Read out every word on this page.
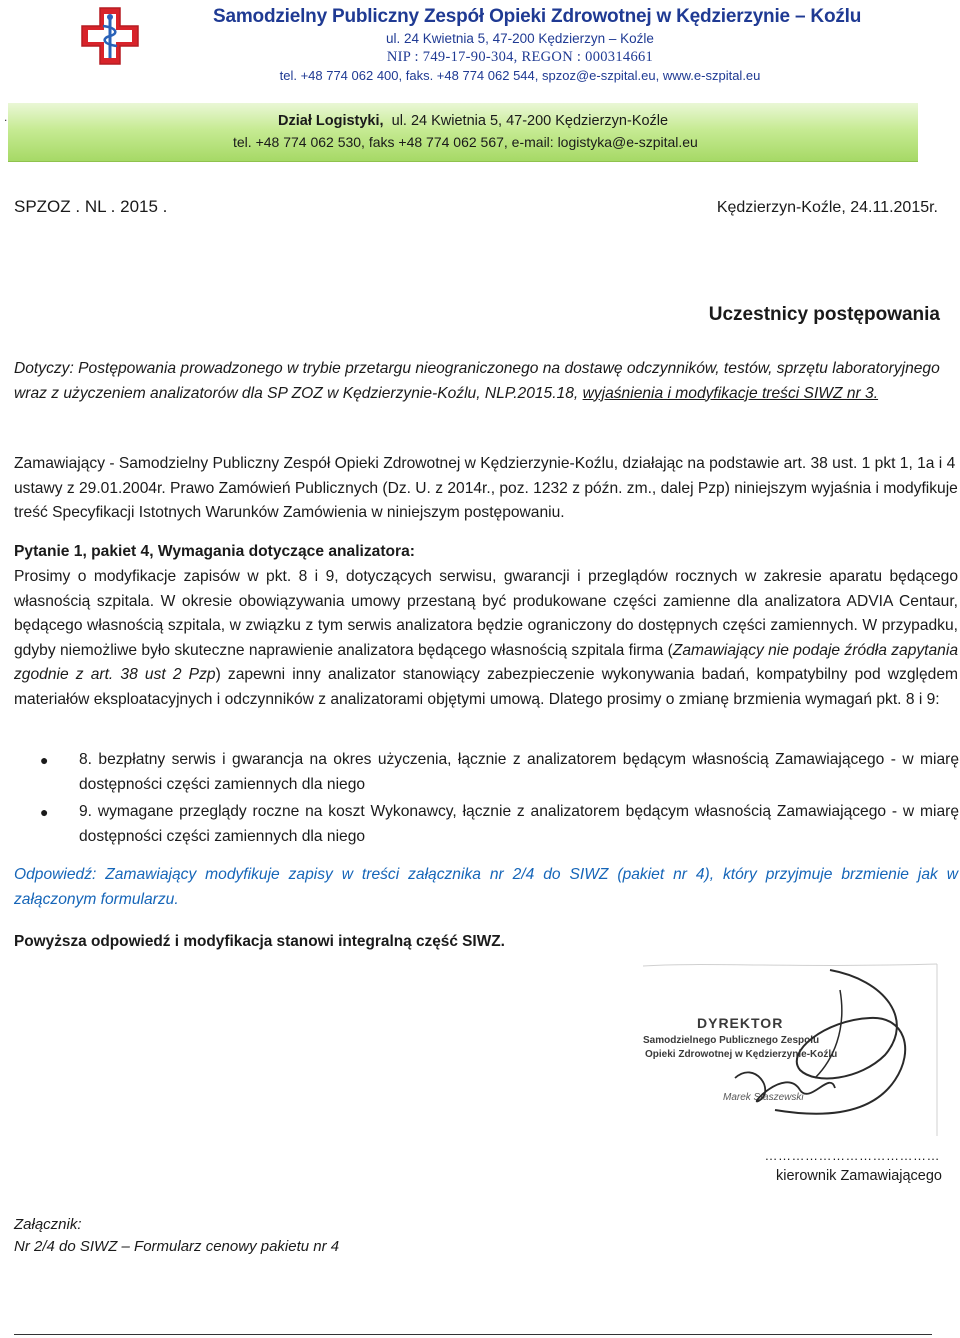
Samodzielny Publiczny Zespół Opieki Zdrowotnej w Kędzierzynie – Koźlu
ul. 24 Kwietnia 5, 47-200 Kędzierzyn – Koźle
NIP : 749-17-90-304, REGON : 000314661
tel. +48 774 062 400, faks. +48 774 062 544, spzoz@e-szpital.eu, www.e-szpital.eu
.	Dział Logistyki, ul. 24 Kwietnia 5, 47-200 Kędzierzyn-Koźle
tel. +48 774 062 530, faks +48 774 062 567, e-mail: logistyka@e-szpital.eu
SPZOZ . NL . 2015 .	Kędzierzyn-Koźle, 24.11.2015r.
Uczestnicy postępowania
Dotyczy: Postępowania prowadzonego w trybie przetargu nieograniczonego na dostawę odczynników, testów, sprzętu laboratoryjnego wraz z użyczeniem analizatorów dla SP ZOZ w Kędzierzynie-Koźlu, NLP.2015.18, wyjaśnienia i modyfikacje treści SIWZ nr 3.
Zamawiający - Samodzielny Publiczny Zespół Opieki Zdrowotnej w Kędzierzynie-Koźlu, działając na podstawie art. 38 ust. 1 pkt 1, 1a i 4 ustawy z 29.01.2004r. Prawo Zamówień Publicznych (Dz. U. z 2014r., poz. 1232 z późn. zm., dalej Pzp) niniejszym wyjaśnia i modyfikuje treść Specyfikacji Istotnych Warunków Zamówienia w niniejszym postępowaniu.
Pytanie 1, pakiet 4, Wymagania dotyczące analizatora:
Prosimy o modyfikacje zapisów w pkt. 8 i 9, dotyczących serwisu, gwarancji i przeglądów rocznych w zakresie aparatu będącego własnością szpitala. W okresie obowiązywania umowy przestaną być produkowane części zamienne dla analizatora ADVIA Centaur, będącego własnością szpitala, w związku z tym serwis analizatora będzie ograniczony do dostępnych części zamiennych. W przypadku, gdyby niemożliwe było skuteczne naprawienie analizatora będącego własnością szpitala firma (Zamawiający nie podaje źródła zapytania zgodnie z art. 38 ust 2 Pzp) zapewni inny analizator stanowiący zabezpieczenie wykonywania badań, kompatybilny pod względem materiałów eksploatacyjnych i odczynników z analizatorami objętymi umową. Dlatego prosimy o zmianę brzmienia wymagań pkt. 8 i 9:
● 8. bezpłatny serwis i gwarancja na okres użyczenia, łącznie z analizatorem będącym własnością Zamawiającego - w miarę dostępności części zamiennych dla niego
● 9. wymagane przeglądy roczne na koszt Wykonawcy, łącznie z analizatorem będącym własnością Zamawiającego - w miarę dostępności części zamiennych dla niego
Odpowiedź: Zamawiający modyfikuje zapisy w treści załącznika nr 2/4 do SIWZ (pakiet nr 4), który przyjmuje brzmienie jak w załączonym formularzu.
Powyższa odpowiedź i modyfikacja stanowi integralną część SIWZ.
DYREKTOR
Samodzielnego Publicznego Zespołu
Opieki Zdrowotnej w Kędzierzynie-Koźlu
Marek Staszewski
…………………………………
kierownik Zamawiającego
Załącznik:
Nr 2/4 do SIWZ – Formularz cenowy pakietu nr 4
